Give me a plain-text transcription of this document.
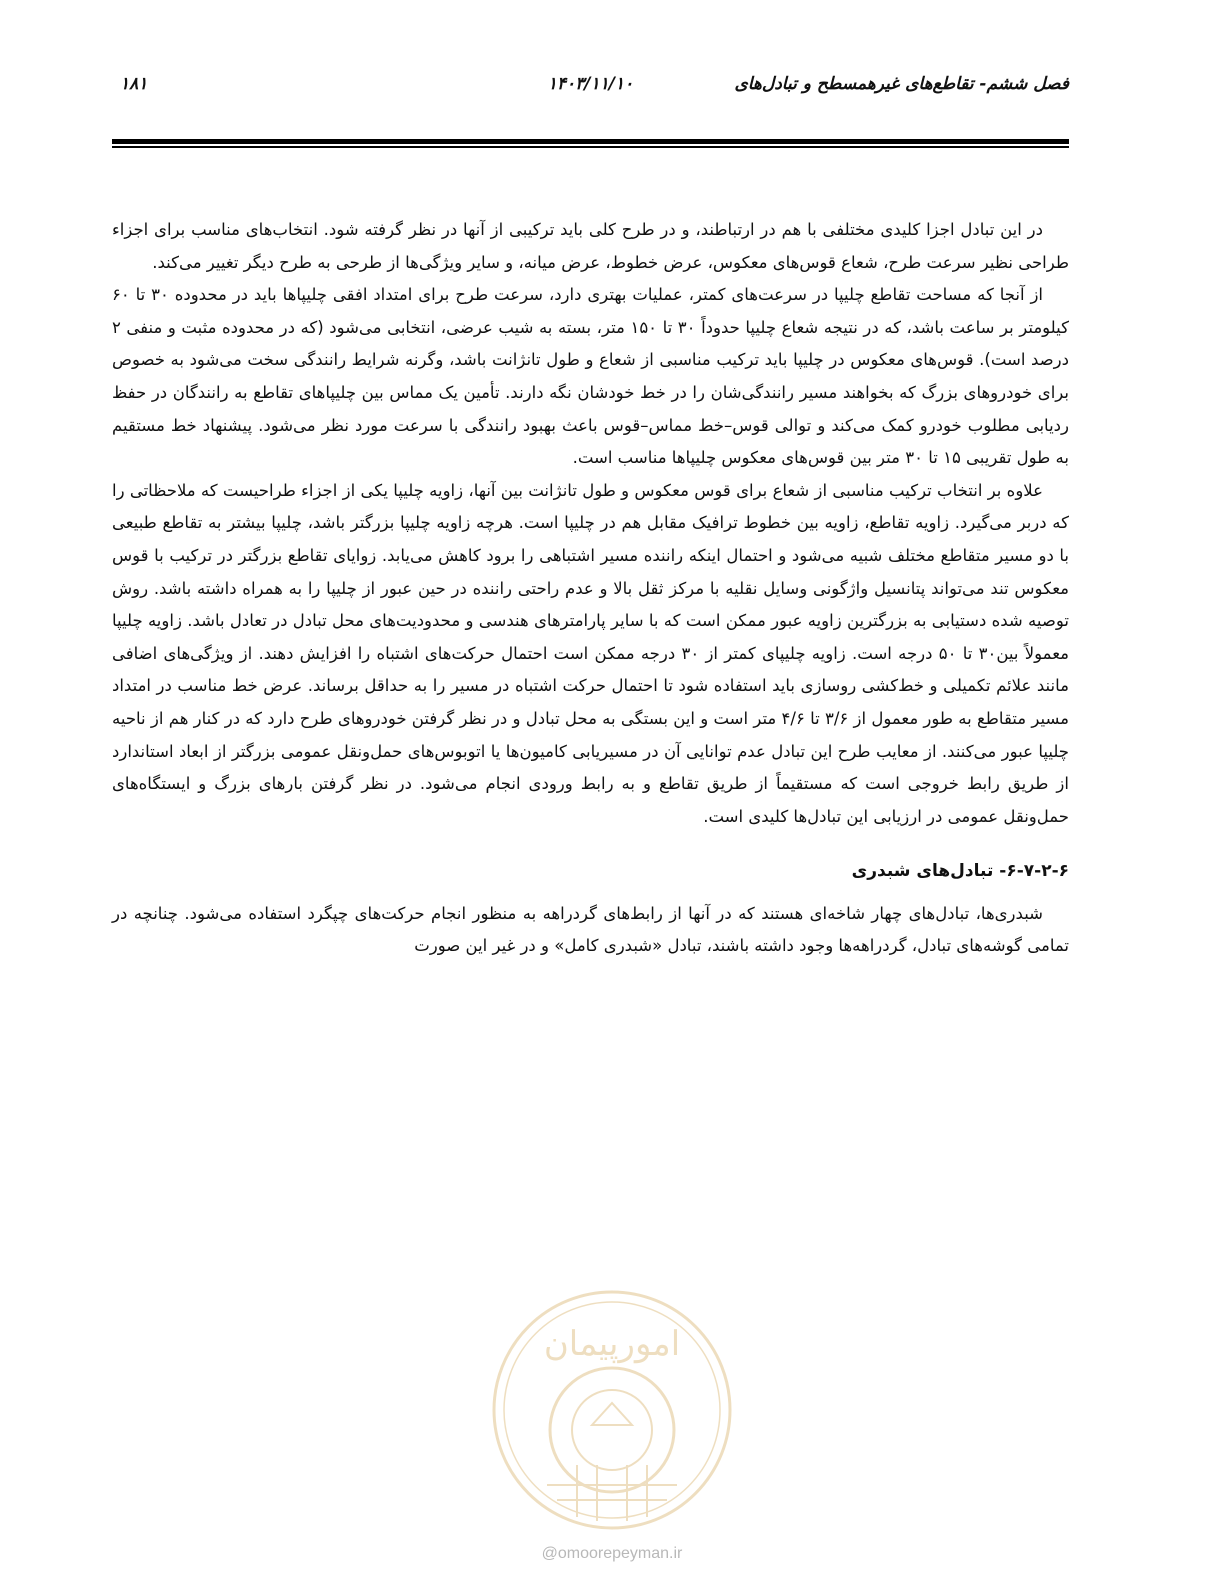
فصل ششم- تقاطع‌های غیرهمسطح و تبادل‌های
۱۴۰۳/۱۱/۱۰
۱۸۱

در این تبادل اجزا کلیدی مختلفی با هم در ارتباطند، و در طرح کلی باید ترکیبی از آنها در نظر گرفته شود. انتخاب‌های مناسب برای اجزاء طراحی نظیر سرعت طرح، شعاع قوس‌های معکوس، عرض خطوط، عرض میانه، و سایر ویژگی‌ها از طرحی به طرح دیگر تغییر می‌کند.

از آنجا که مساحت تقاطع چلیپا در سرعت‌های کمتر، عملیات بهتری دارد، سرعت طرح برای امتداد افقی چلیپاها باید در محدوده ۳۰ تا ۶۰ کیلومتر بر ساعت باشد، که در نتیجه شعاع چلیپا حدوداً ۳۰ تا ۱۵۰ متر، بسته به شیب عرضی، انتخابی می‌شود (که در محدوده مثبت و منفی ۲ درصد است). قوس‌های معکوس در چلیپا باید ترکیب مناسبی از شعاع و طول تانژانت باشد، وگرنه شرایط رانندگی سخت می‌شود به خصوص برای خودروهای بزرگ که بخواهند مسیر رانندگی‌شان را در خط خودشان نگه دارند. تأمین یک مماس بین چلیپاهای تقاطع به رانندگان در حفظ ردیابی مطلوب خودرو کمک می‌کند و توالی قوس–خط مماس–قوس باعث بهبود رانندگی با سرعت مورد نظر می‌شود. پیشنهاد خط مستقیم به طول تقریبی ۱۵ تا ۳۰ متر بین قوس‌های معکوس چلیپاها مناسب است.

علاوه بر انتخاب ترکیب مناسبی از شعاع برای قوس معکوس و طول تانژانت بین آنها، زاویه چلیپا یکی از اجزاء طراحیست که ملاحظاتی را که دربر می‌گیرد. زاویه تقاطع، زاویه بین خطوط ترافیک مقابل هم در چلیپا است. هرچه زاویه چلیپا بزرگتر باشد، چلیپا بیشتر به تقاطع طبیعی با دو مسیر متقاطع مختلف شبیه می‌شود و احتمال اینکه راننده مسیر اشتباهی را برود کاهش می‌یابد. زوایای تقاطع بزرگتر در ترکیب با قوس معکوس تند می‌تواند پتانسیل واژگونی وسایل نقلیه با مرکز ثقل بالا و عدم راحتی راننده در حین عبور از چلیپا را به همراه داشته باشد. روش توصیه شده دستیابی به بزرگترین زاویه عبور ممکن است که با سایر پارامترهای هندسی و محدودیت‌های محل تبادل در تعادل باشد. زاویه چلیپا معمولاً بین۳۰ تا ۵۰ درجه است. زاویه چلیپای کمتر از ۳۰ درجه ممکن است احتمال حرکت‌های اشتباه را افزایش دهند. از ویژگی‌های اضافی مانند علائم تکمیلی و خط‌کشی روسازی باید استفاده شود تا احتمال حرکت اشتباه در مسیر را به حداقل برساند. عرض خط مناسب در امتداد مسیر متقاطع به طور معمول از ۳/۶ تا ۴/۶ متر است و این بستگی به محل تبادل و در نظر گرفتن خودروهای طرح دارد که در کنار هم از ناحیه چلیپا عبور می‌کنند. از معایب طرح این تبادل عدم توانایی آن در مسیریابی کامیون‌ها یا اتوبوس‌های حمل‌ونقل عمومی بزرگتر از ابعاد استاندارد از طریق رابط خروجی است که مستقیماً از طریق تقاطع و به رابط ورودی انجام می‌شود. در نظر گرفتن بارهای بزرگ و ایستگاه‌های حمل‌ونقل عمومی در ارزیابی این تبادل‌ها کلیدی است.

۶-۷-۲-۶- تبادل‌های شبدری

شبدری‌ها، تبادل‌های چهار شاخه‌ای هستند که در آنها از رابط‌های گردراهه به منظور انجام حرکت‌های چپگرد استفاده می‌شود. چنانچه در تمامی گوشه‌های تبادل، گردراهه‌ها وجود داشته باشند، تبادل «شبدری کامل» و در غیر این صورت

امورپیمان
@omoorepeyman.ir
